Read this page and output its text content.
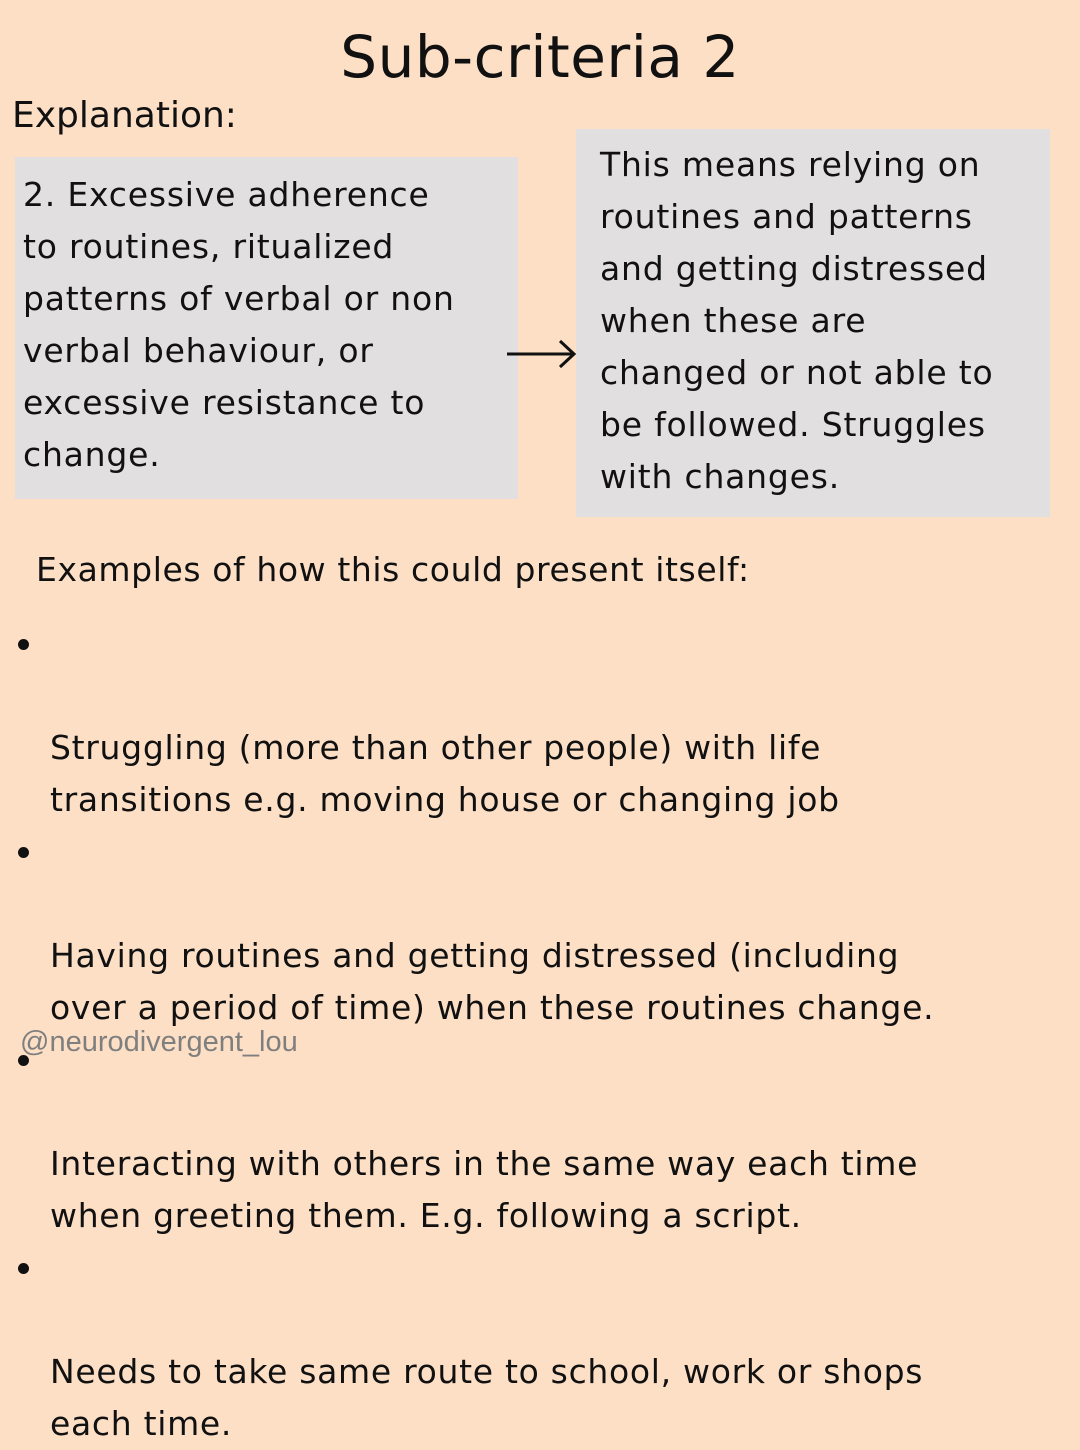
Sub-criteria 2
Explanation:

2. Excessive adherence
to routines, ritualized
patterns of verbal or non
verbal behaviour, or
excessive resistance to
change.

This means relying on
routines and patterns
and getting distressed
when these are
changed or not able to
be followed. Struggles
with changes.

Examples of how this could present itself:

Struggling (more than other people) with life
transitions e.g. moving house or changing job

Having routines and getting distressed (including
over a period of time) when these routines change.

Interacting with others in the same way each time
when greeting them. E.g. following a script.

Needs to take same route to school, work or shops
each time.

@neurodivergent_lou
